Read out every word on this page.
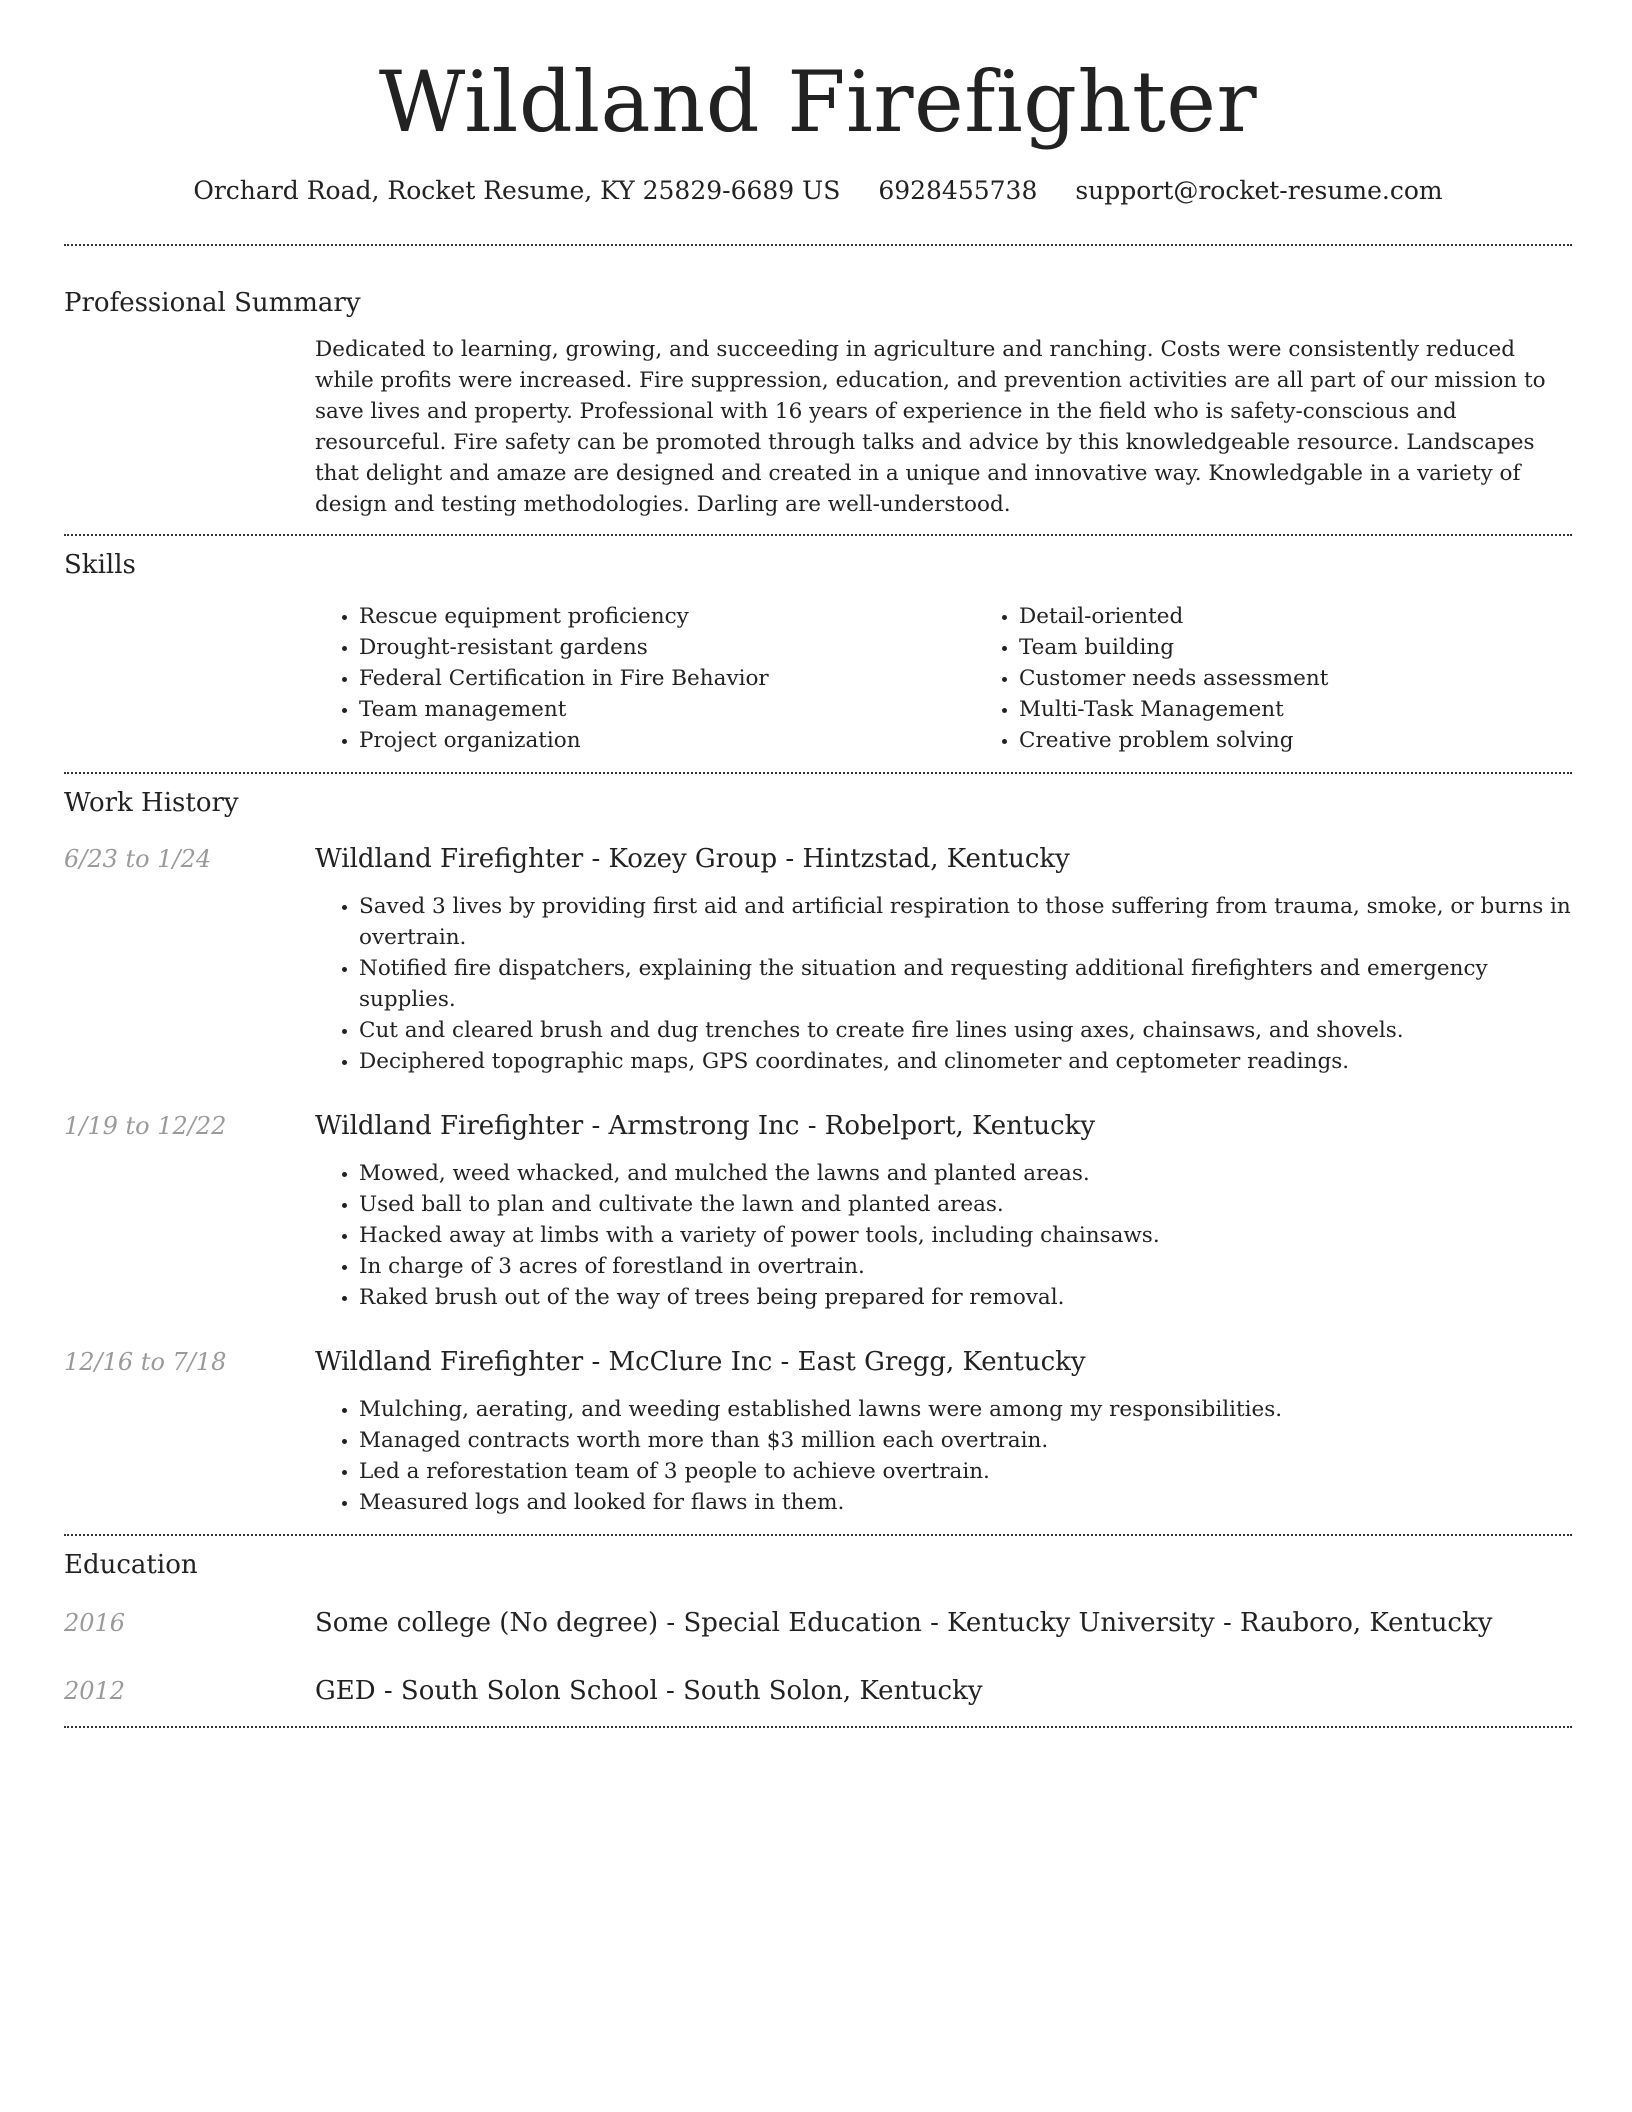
Wildland Firefighter
Orchard Road, Rocket Resume, KY 25829-6689 US 6928455738 support@rocket-resume.com
Professional Summary

Dedicated to learning, growing, and succeeding in agriculture and ranching. Costs were consistently reduced while profits were increased. Fire suppression, education, and prevention activities are all part of our mission to save lives and property. Professional with 16 years of experience in the field who is safety-conscious and resourceful. Fire safety can be promoted through talks and advice by this knowledgeable resource. Landscapes that delight and amaze are designed and created in a unique and innovative way. Knowledgable in a variety of design and testing methodologies. Darling are well-understood.

Skills
• Rescue equipment proficiency
• Drought-resistant gardens
• Federal Certification in Fire Behavior
• Team management
• Project organization
• Detail-oriented
• Team building
• Customer needs assessment
• Multi-Task Management
• Creative problem solving
Work History
6/23 to 1/24	Wildland Firefighter - Kozey Group - Hintzstad, Kentucky
• Saved 3 lives by providing first aid and artificial respiration to those suffering from trauma, smoke, or burns in overtrain.
• Notified fire dispatchers, explaining the situation and requesting additional firefighters and emergency supplies.
• Cut and cleared brush and dug trenches to create fire lines using axes, chainsaws, and shovels.
• Deciphered topographic maps, GPS coordinates, and clinometer and ceptometer readings.
1/19 to 12/22	Wildland Firefighter - Armstrong Inc - Robelport, Kentucky
• Mowed, weed whacked, and mulched the lawns and planted areas.
• Used ball to plan and cultivate the lawn and planted areas.
• Hacked away at limbs with a variety of power tools, including chainsaws.
• In charge of 3 acres of forestland in overtrain.
• Raked brush out of the way of trees being prepared for removal.
12/16 to 7/18	Wildland Firefighter - McClure Inc - East Gregg, Kentucky
• Mulching, aerating, and weeding established lawns were among my responsibilities.
• Managed contracts worth more than $3 million each overtrain.
• Led a reforestation team of 3 people to achieve overtrain.
• Measured logs and looked for flaws in them.
Education
2016	Some college (No degree) - Special Education - Kentucky University - Rauboro, Kentucky
2012	GED - South Solon School - South Solon, Kentucky
